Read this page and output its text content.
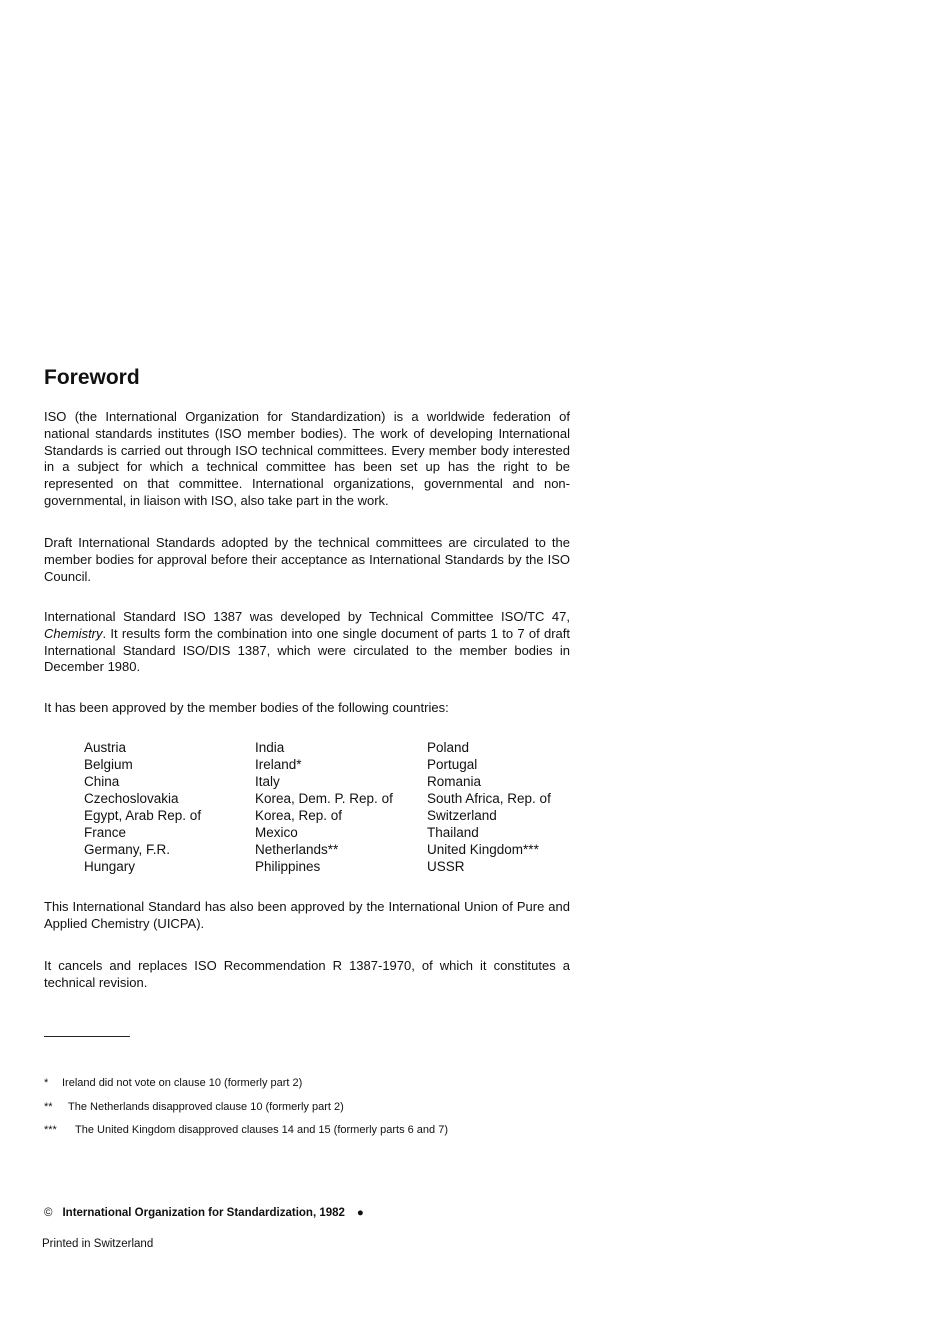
Foreword

ISO (the International Organization for Standardization) is a worldwide federation of national standards institutes (ISO member bodies). The work of developing International Standards is carried out through ISO technical committees. Every member body interested in a subject for which a technical committee has been set up has the right to be represented on that committee. International organizations, governmental and non-governmental, in liaison with ISO, also take part in the work.

Draft International Standards adopted by the technical committees are circulated to the member bodies for approval before their acceptance as International Standards by the ISO Council.

International Standard ISO 1387 was developed by Technical Committee ISO/TC 47, Chemistry. It results form the combination into one single document of parts 1 to 7 of draft International Standard ISO/DIS 1387, which were circulated to the member bodies in December 1980.

It has been approved by the member bodies of the following countries:

Austria
Belgium
China
Czechoslovakia
Egypt, Arab Rep. of
France
Germany, F.R.
Hungary
India
Ireland*
Italy
Korea, Dem. P. Rep. of
Korea, Rep. of
Mexico
Netherlands**
Philippines
Poland
Portugal
Romania
South Africa, Rep. of
Switzerland
Thailand
United Kingdom***
USSR

This International Standard has also been approved by the International Union of Pure and Applied Chemistry (UICPA).

It cancels and replaces ISO Recommendation R 1387-1970, of which it constitutes a technical revision.

* Ireland did not vote on clause 10 (formerly part 2)
** The Netherlands disapproved clause 10 (formerly part 2)
*** The United Kingdom disapproved clauses 14 and 15 (formerly parts 6 and 7)
© International Organization for Standardization, 1982 ●
Printed in Switzerland
